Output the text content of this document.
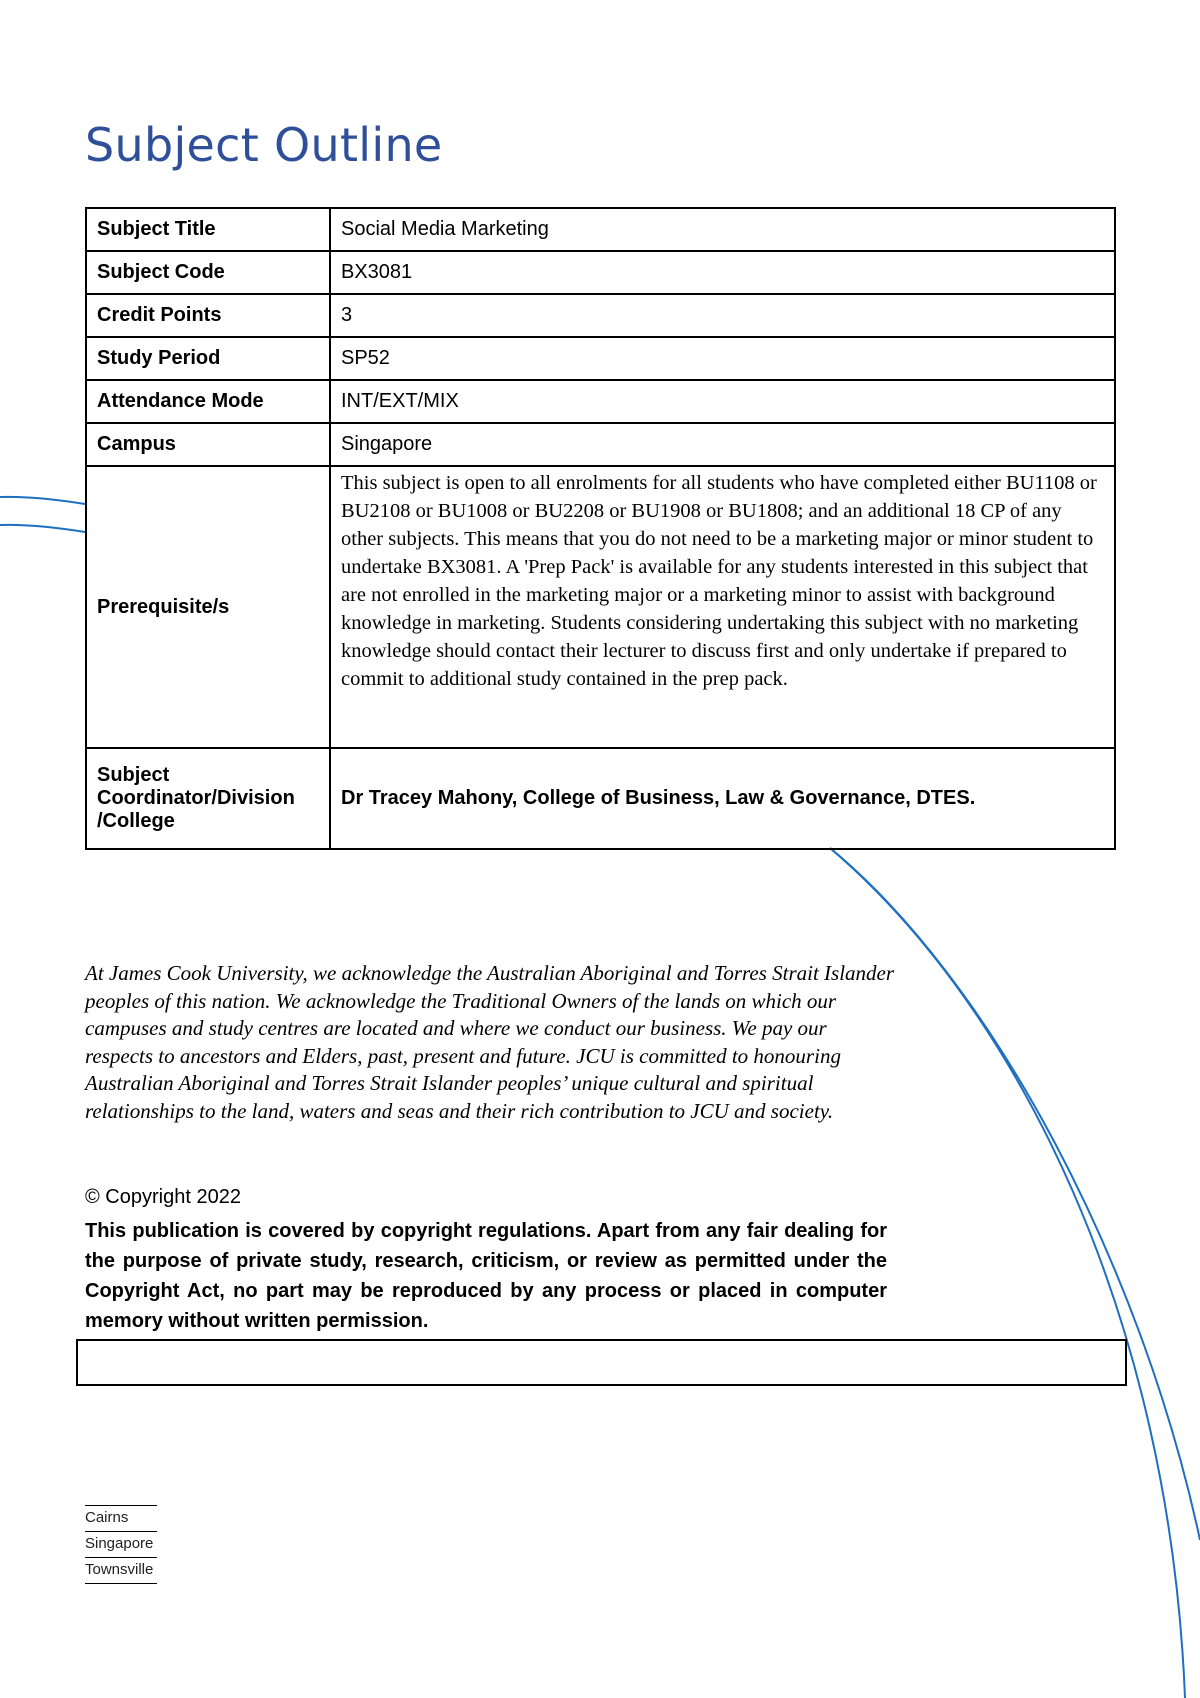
Subject Outline
Subject Title	Social Media Marketing
Subject Code	BX3081
Credit Points	3
Study Period	SP52
Attendance Mode	INT/EXT/MIX
Campus	Singapore
Prerequisite/s	This subject is open to all enrolments for all students who have completed either BU1108 or BU2108 or BU1008 or BU2208 or BU1908 or BU1808; and an additional 18 CP of any other subjects. This means that you do not need to be a marketing major or minor student to undertake BX3081. A 'Prep Pack' is available for any students interested in this subject that are not enrolled in the marketing major or a marketing minor to assist with background knowledge in marketing. Students considering undertaking this subject with no marketing knowledge should contact their lecturer to discuss first and only undertake if prepared to commit to additional study contained in the prep pack.
Subject Coordinator/Division /College	Dr Tracey Mahony, College of Business, Law & Governance, DTES.
At James Cook University, we acknowledge the Australian Aboriginal and Torres Strait Islander peoples of this nation. We acknowledge the Traditional Owners of the lands on which our campuses and study centres are located and where we conduct our business. We pay our respects to ancestors and Elders, past, present and future. JCU is committed to honouring Australian Aboriginal and Torres Strait Islander peoples’ unique cultural and spiritual relationships to the land, waters and seas and their rich contribution to JCU and society.
© Copyright 2022
This publication is covered by copyright regulations. Apart from any fair dealing for the purpose of private study, research, criticism, or review as permitted under the Copyright Act, no part may be reproduced by any process or placed in computer memory without written permission.
Cairns
Singapore
Townsville
